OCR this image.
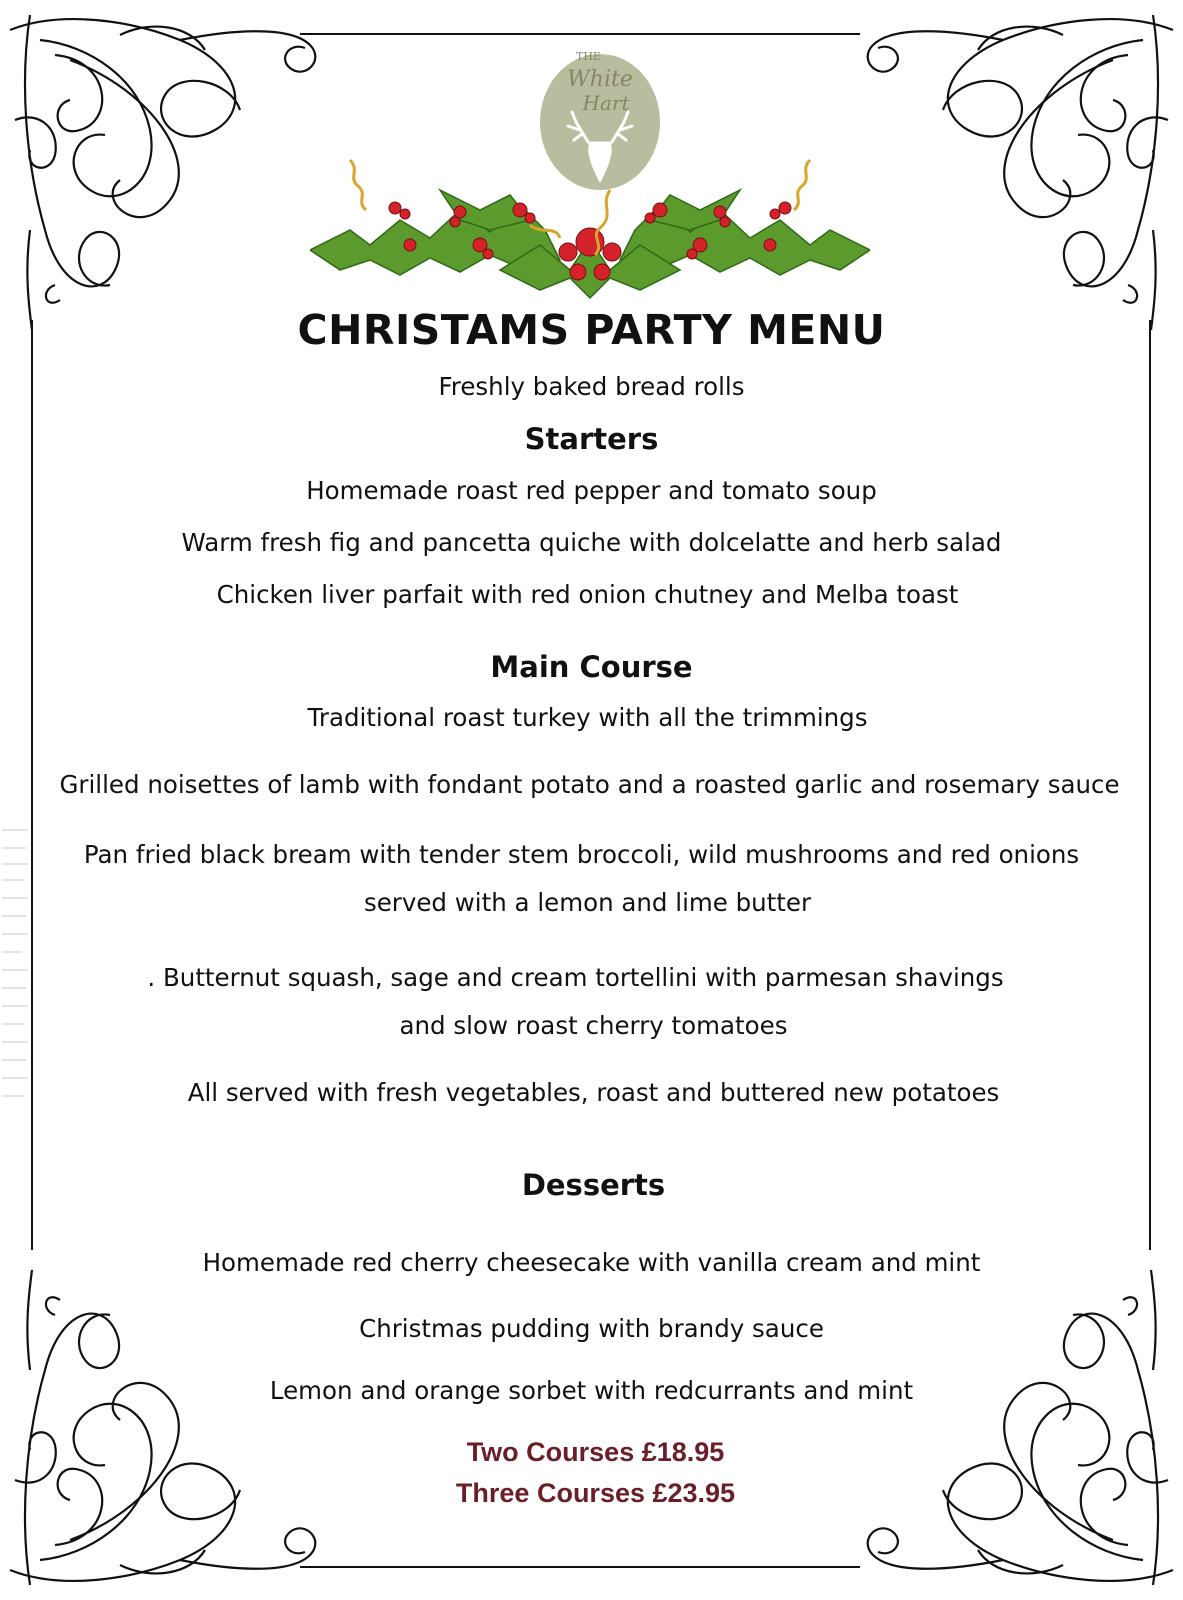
THE
White
Hart
CHRISTAMS PARTY MENU
Freshly baked bread rolls
Starters
Homemade roast red pepper and tomato soup
Warm fresh fig and pancetta quiche with dolcelatte and herb salad
Chicken liver parfait with red onion chutney and Melba toast
Main Course
Traditional roast turkey with all the trimmings
Grilled noisettes of lamb with fondant potato and a roasted garlic and rosemary sauce
Pan fried black bream with tender stem broccoli, wild mushrooms and red onions
served with a lemon and lime butter
. Butternut squash, sage and cream tortellini with parmesan shavings
and slow roast cherry tomatoes
All served with fresh vegetables, roast and buttered new potatoes
Desserts
Homemade red cherry cheesecake with vanilla cream and mint
Christmas pudding with brandy sauce
Lemon and orange sorbet with redcurrants and mint
Two Courses £18.95
Three Courses £23.95
